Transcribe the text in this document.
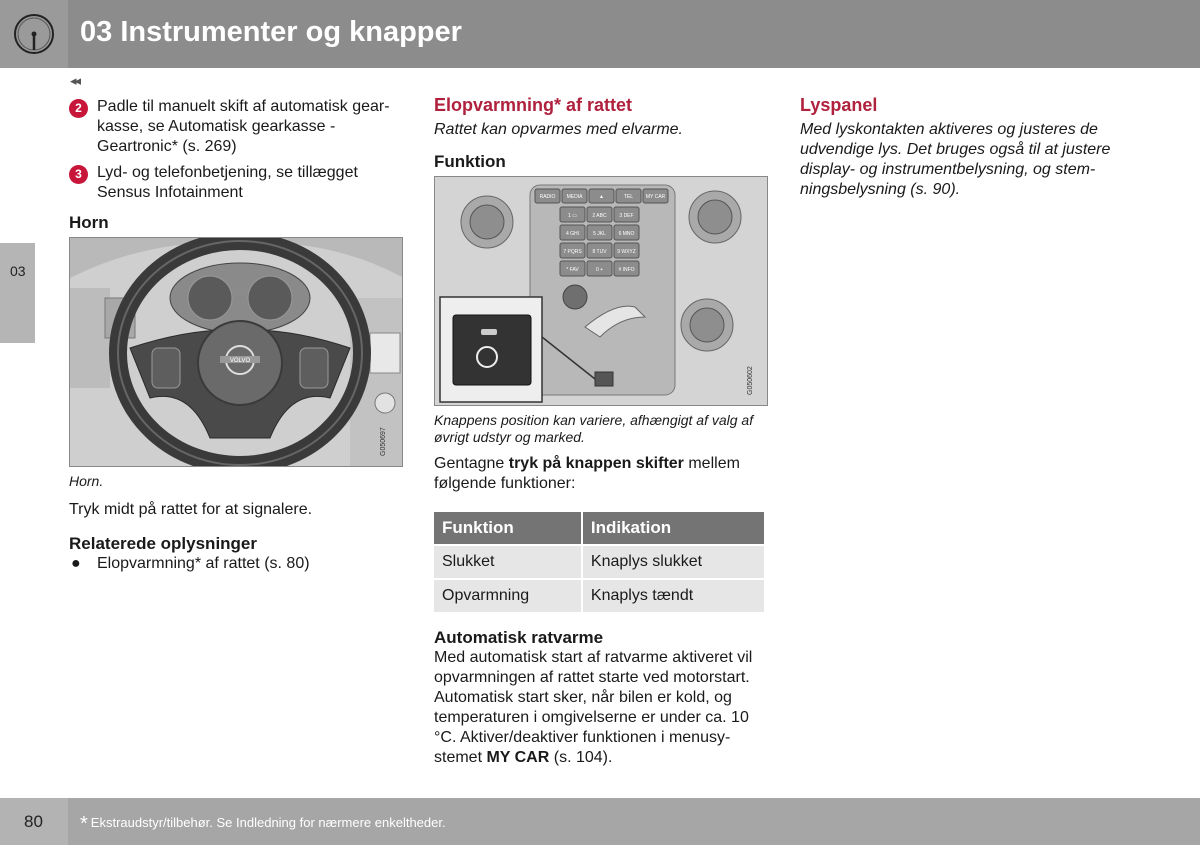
03 Instrumenter og knapper
◂◂
03
2 Padle til manuelt skift af automatisk gear-kasse, se Automatisk gearkasse - Geartronic* (s. 269)
3 Lyd- og telefonbetjening, se tillægget Sensus Infotainment
Horn
VOLVO
G050697
Horn.

Tryk midt på rattet for at signalere.

Relaterede oplysninger
● Elopvarmning* af rattet (s. 80)
Elopvarmning* af rattet

Rattet kan opvarmes med elvarme.

Funktion
1 ▭	2 ABC	3 DEF
4 GHI	5 JKL	6 MNO
7 PQRS 8 TUV 9 WXYZ
* FAV	0 +	# INFO
RADIO MEDIA	▲	TEL	MY CAR
G050602
Knappens position kan variere, afhængigt af valg af øvrigt udstyr og marked.

Gentagne tryk på knappen skifter mellem følgende funktioner:

Funktion	Indikation
Slukket	Knaplys slukket
Opvarmning	Knaplys tændt
Automatisk ratvarme

Med automatisk start af ratvarme aktiveret vil opvarmningen af rattet starte ved motorstart. Automatisk start sker, når bilen er kold, og temperaturen i omgivelserne er under ca. 10 °C. Aktiver/deaktiver funktionen i menusy-stemet MY CAR (s. 104).

Lyspanel

Med lyskontakten aktiveres og justeres de udvendige lys. Det bruges også til at justere display- og instrumentbelysning, og stem-ningsbelysning (s. 90).

80 * Ekstraudstyr/tilbehør. Se Indledning for nærmere enkeltheder.
